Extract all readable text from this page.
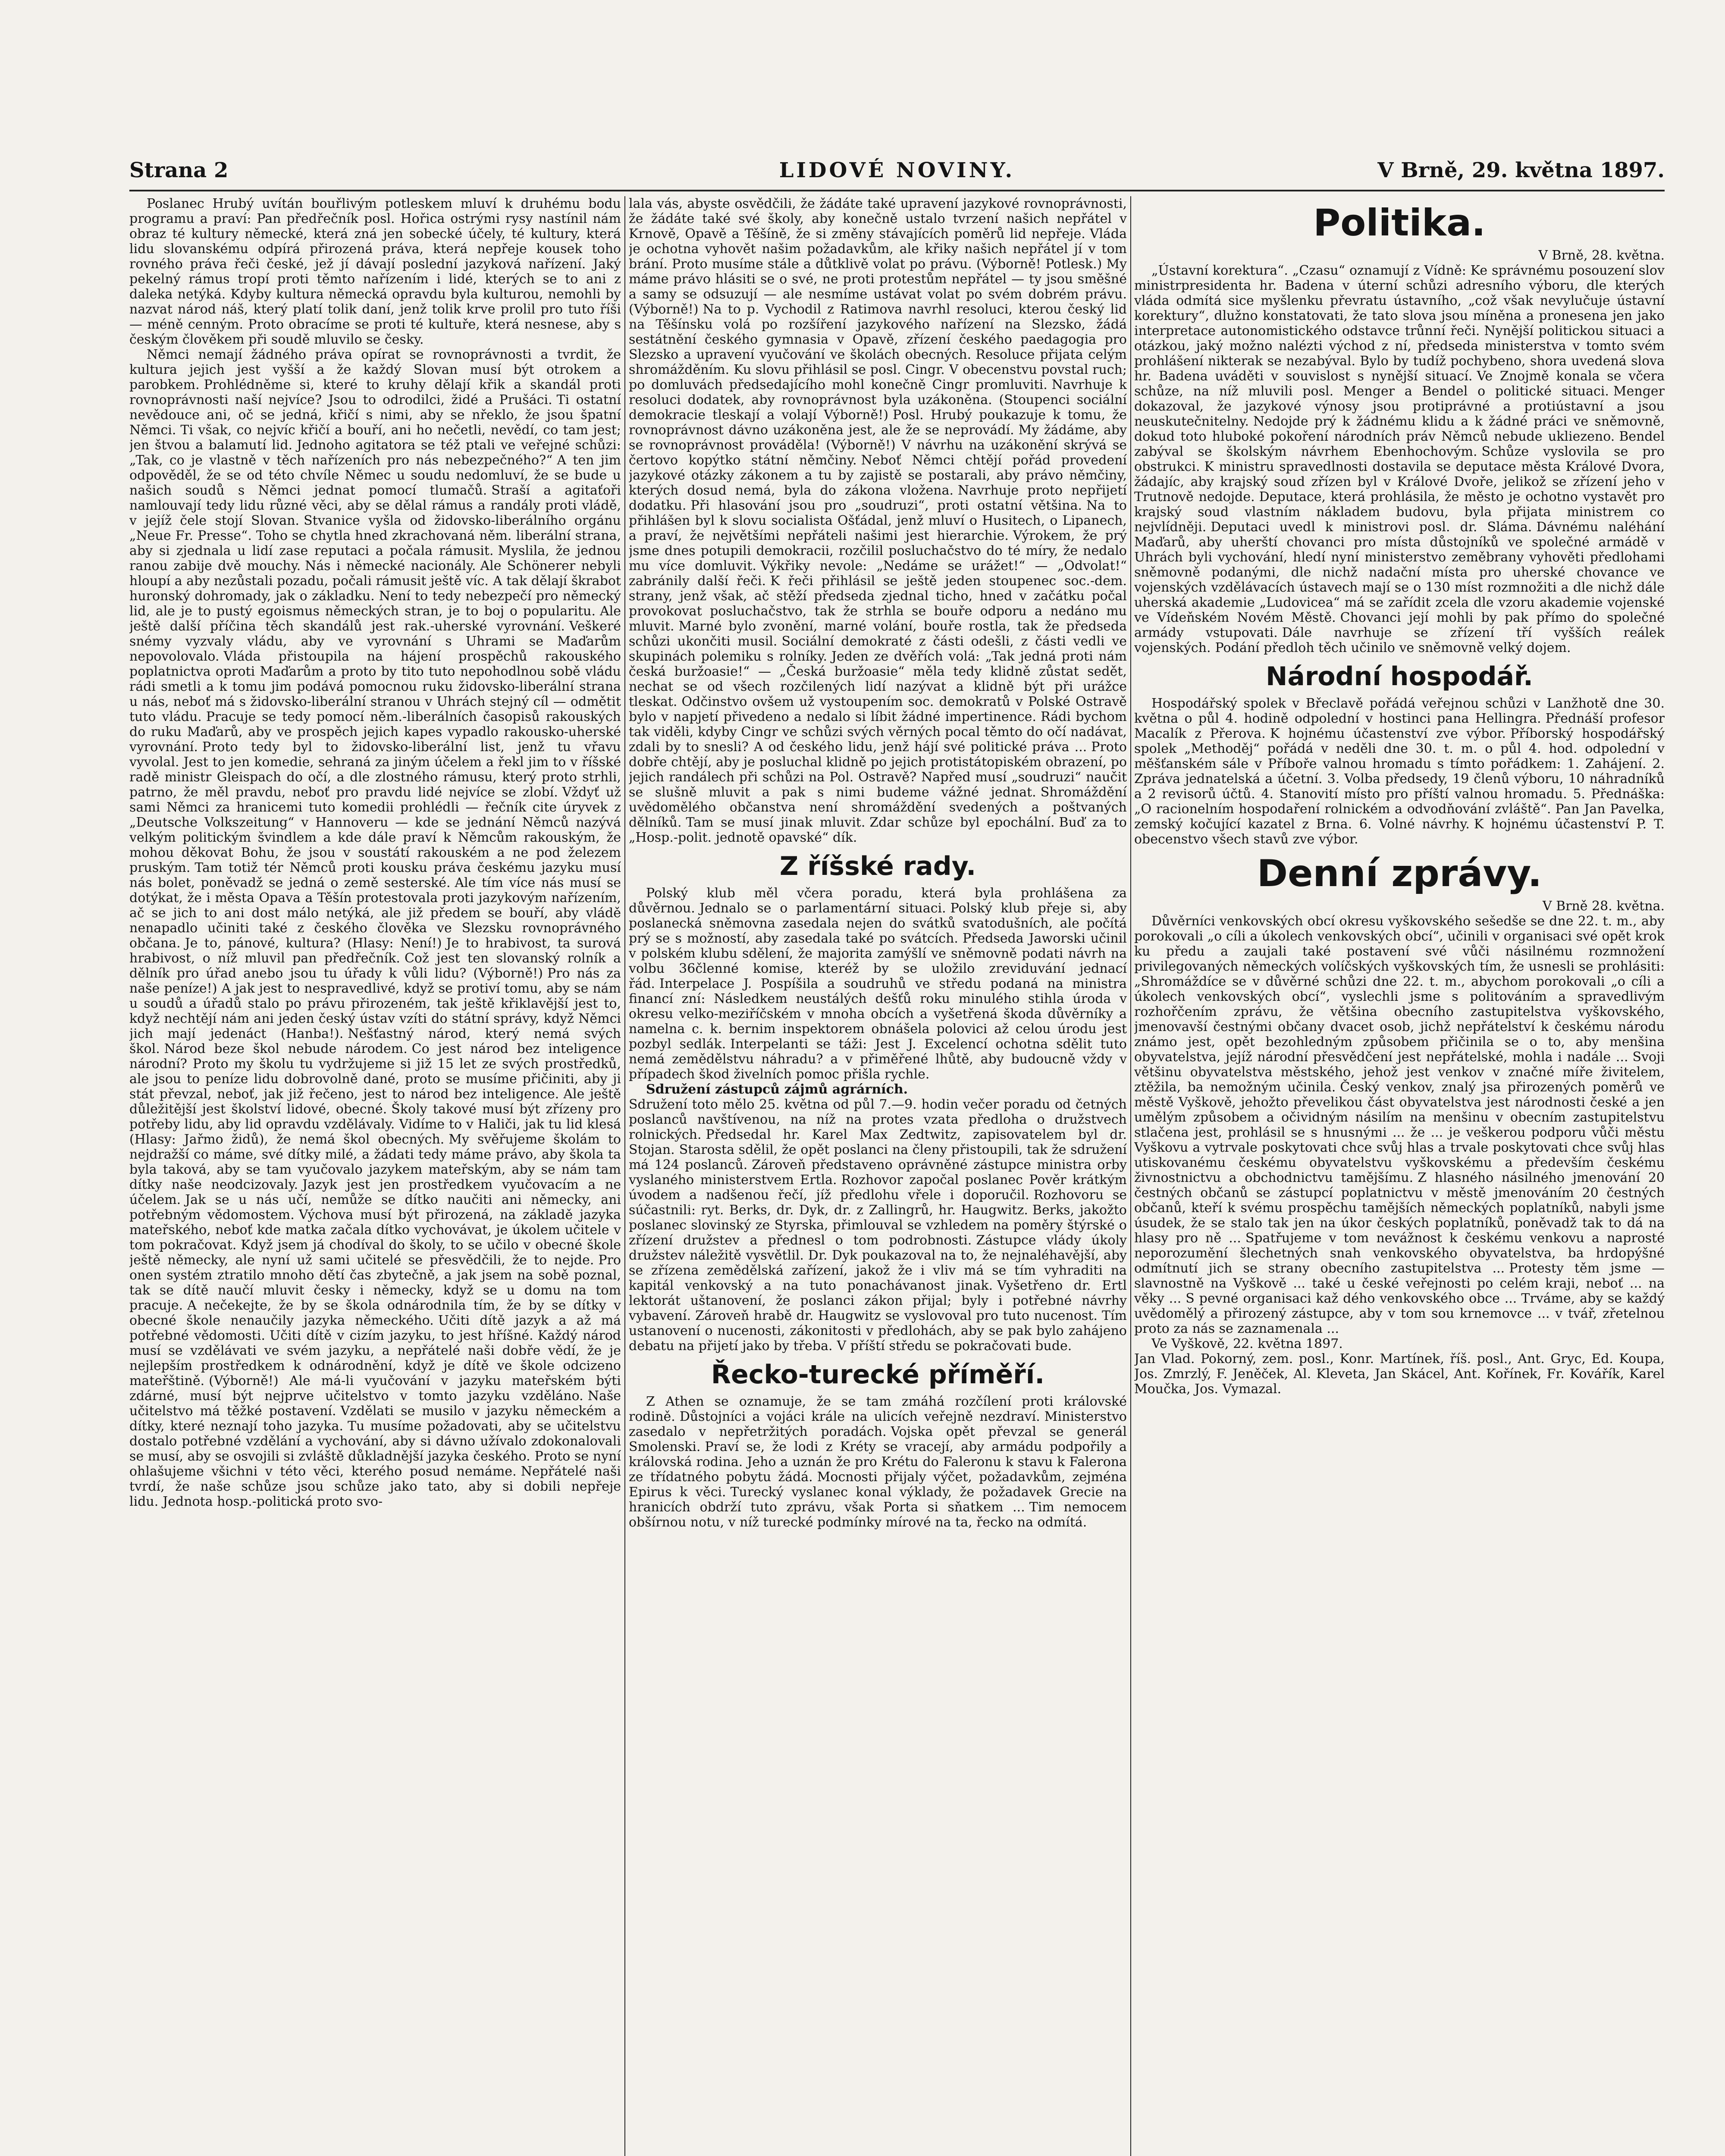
Strana 2	LIDOVÉ NOVINY.	V Brně, 29. května 1897.

Poslanec Hrubý uvítán bouřlivým potleskem mluví k druhému bodu programu a praví: Pan předřečník posl. Hořica ostrými rysy nastínil nám obraz té kultury německé, která zná jen sobecké účely, té kultury, která lidu slovanskému odpírá přirozená práva, která nepřeje kousek toho rovného práva řeči české, jež jí dávají poslední jazyková nařízení. Jaký pekelný rámus tropí proti těmto nařízením i lidé, kterých se to ani z daleka netýká. Kdyby kultura německá opravdu byla kulturou, nemohli by nazvat národ náš, který platí tolik daní, jenž tolik krve prolil pro tuto říši — méně cenným. Proto obracíme se proti té kultuře, která nesnese, aby s českým člověkem při soudě mluvilo se česky.

Němci nemají žádného práva opírat se rovnoprávnosti a tvrdit, že kultura jejich jest vyšší a že každý Slovan musí být otrokem a parobkem. Prohlédněme si, které to kruhy dělají křik a skandál proti rovnoprávnosti naší nejvíce? Jsou to odrodilci, židé a Prušáci. Ti ostatní nevědouce ani, oč se jedná, křičí s nimi, aby se nřeklo, že jsou špatní Němci. Ti však, co nejvíc křičí a bouří, ani ho nečetli, nevědí, co tam jest; jen štvou a balamutí lid. Jednoho agitatora se též ptali ve veřejné schůzi: „Tak, co je vlastně v těch nařízeních pro nás nebezpečného?“ A ten jim odpověděl, že se od této chvíle Němec u soudu nedomluví, že se bude u našich soudů s Němci jednat pomocí tlumačů. Straší a agitaťoři namlouvají tedy lidu různé věci, aby se dělal rámus a randály proti vládě, v jejíž čele stojí Slovan. Stvanice vyšla od židovsko-liberálního orgánu „Neue Fr. Presse“. Toho se chytla hned zkrachovaná něm. liberální strana, aby si zjednala u lidí zase reputaci a počala rámusit. Myslila, že jednou ranou zabije dvě mouchy. Nás i německé nacionály. Ale Schönerer nebyli hloupí a aby nezůstali pozadu, počali rámusit ještě víc. A tak dělají škrabot huronský dohromady, jak o základku. Není to tedy nebezpečí pro německý lid, ale je to pustý egoismus německých stran, je to boj o popularitu. Ale ještě další příčina těch skandálů jest rak.-uherské vyrovnání. Veškeré snémy vyzvaly vládu, aby ve vyrovnání s Uhrami se Maďarům nepovolovalo. Vláda přistoupila na hájení prospěchů rakouského poplatnictva oproti Maďarům a proto by tito tuto nepohodlnou sobě vládu rádi smetli a k tomu jim podává pomocnou ruku židovsko-liberální strana u nás, neboť má s židovsko-liberální stranou v Uhrách stejný cíl — odmětit tuto vládu. Pracuje se tedy pomocí něm.-liberálních časopisů rakouských do ruku Maďarů, aby ve prospěch jejich kapes vypadlo rakousko-uherské vyrovnání. Proto tedy byl to židovsko-liberální list, jenž tu vřavu vyvolal. Jest to jen komedie, sehraná za jiným účelem a řekl jim to v říšské radě ministr Gleispach do očí, a dle zlostného rámusu, který proto strhli, patrno, že měl pravdu, neboť pro pravdu lidé nejvíce se zlobí. Vždyť už sami Němci za hranicemi tuto komedii prohlédli — řečník cite úryvek z „Deutsche Volkszeitung“ v Hannoveru — kde se jednání Němců nazývá velkým politickým švindlem a kde dále praví k Němcům rakouským, že mohou děkovat Bohu, že jsou v soustátí rakouském a ne pod železem pruským. Tam totiž tér Němců proti kousku práva českému jazyku musí nás bolet, poněvadž se jedná o země sesterské. Ale tím více nás musí se dotýkat, že i města Opava a Těšín protestovala proti jazykovým nařízením, ač se jich to ani dost málo netýká, ale již předem se bouří, aby vládě nenapadlo učiniti také z českého člověka ve Slezsku rovnoprávného občana. Je to, pánové, kultura? (Hlasy: Není!) Je to hrabivost, ta surová hrabivost, o níž mluvil pan předřečník. Což jest ten slovanský rolník a dělník pro úřad anebo jsou tu úřady k vůli lidu? (Výborně!) Pro nás za naše peníze!) A jak jest to nespravedlivé, když se protiví tomu, aby se nám u soudů a úřadů stalo po právu přirozeném, tak ještě křiklavější jest to, když nechtějí nám ani jeden český ústav vzíti do státní správy, když Němci jich mají jedenáct (Hanba!). Nešťastný národ, který nemá svých škol. Národ beze škol nebude národem. Co jest národ bez inteligence národní? Proto my školu tu vydržujeme si již 15 let ze svých prostředků, ale jsou to peníze lidu dobrovolně dané, proto se musíme přičiniti, aby ji stát převzal, neboť, jak již řečeno, jest to národ bez inteligence. Ale ještě důležitější jest školství lidové, obecné. Školy takové musí být zřízeny pro potřeby lidu, aby lid opravdu vzdělávaly. Vidíme to v Haliči, jak tu lid klesá (Hlasy: Jařmo židů), že nemá škol obecných. My svěřujeme školám to nejdražší co máme, své dítky milé, a žádati tedy máme právo, aby škola ta byla taková, aby se tam vyučovalo jazykem mateřským, aby se nám tam dítky naše neodcizovaly. Jazyk jest jen prostředkem vyučovacím a ne účelem. Jak se u nás učí, nemůže se dítko naučiti ani německy, ani potřebným vědomostem. Výchova musí být přirozená, na základě jazyka mateřského, neboť kde matka začala dítko vychovávat, je úkolem učitele v tom pokračovat. Když jsem já chodíval do školy, to se učilo v obecné škole ještě německy, ale nyní už sami učitelé se přesvědčili, že to nejde. Pro onen systém ztratilo mnoho dětí čas zbytečně, a jak jsem na sobě poznal, tak se dítě naučí mluvit česky i německy, když se u domu na tom pracuje. A nečekejte, že by se škola odnárodnila tím, že by se dítky v obecné škole nenaučily jazyka německého. Učiti dítě jazyk a až má potřebné vědomosti. Učiti dítě v cizím jazyku, to jest hříšné. Každý národ musí se vzdělávati ve svém jazyku, a nepřátelé naši dobře vědí, že je nejlepším prostředkem k odnárodnění, když je dítě ve škole odcizeno mateřštině. (Výborně!) Ale má-li vyučování v jazyku mateřském býti zdárné, musí být nejprve učitelstvo v tomto jazyku vzděláno. Naše učitelstvo má těžké postavení. Vzdělati se musilo v jazyku německém a dítky, které neznají toho jazyka. Tu musíme požadovati, aby se učitelstvu dostalo potřebné vzdělání a vychování, aby si dávno užívalo zdokonalovali se musí, aby se osvojili si zvláště důkladnější jazyka českého. Proto se nyní ohlašujeme všichni v této věci, kterého posud nemáme. Nepřátelé naši tvrdí, že naše schůze jsou schůze jako tato, aby si dobili nepřeje lidu. Jednota hosp.-politická proto svo-

lala vás, abyste osvědčili, že žádáte také upravení jazykové rovnoprávnosti, že žádáte také své školy, aby konečně ustalo tvrzení našich nepřátel v Krnově, Opavě a Těšíně, že si změny stávajících poměrů lid nepřeje. Vláda je ochotna vyhovět našim požadavkům, ale křiky našich nepřátel jí v tom brání. Proto musíme stále a důtklivě volat po právu. (Výborně! Potlesk.) My máme právo hlásiti se o své, ne proti protestům nepřátel — ty jsou směšné a samy se odsuzují — ale nesmíme ustávat volat po svém dobrém právu. (Výborně!) Na to p. Vychodil z Ratimova navrhl resoluci, kterou český lid na Těšínsku volá po rozšíření jazykového nařízení na Slezsko, žádá sestátnění českého gymnasia v Opavě, zřízení českého paedagogia pro Slezsko a upravení vyučování ve školách obecných. Resoluce přijata celým shromážděním. Ku slovu přihlásil se posl. Cingr. V obecenstvu povstal ruch; po domluvách předsedajícího mohl konečně Cingr promluviti. Navrhuje k resoluci dodatek, aby rovnoprávnost byla uzákoněna. (Stoupenci sociální demokracie tleskají a volají Výborně!) Posl. Hrubý poukazuje k tomu, že rovnoprávnost dávno uzákoněna jest, ale že se neprovádí. My žádáme, aby se rovnoprávnost prováděla! (Výborně!) V návrhu na uzákonění skrývá se čertovo kopýtko státní němčiny. Neboť Němci chtějí pořád provedení jazykové otázky zákonem a tu by zajistě se postarali, aby právo němčiny, kterých dosud nemá, byla do zákona vložena. Navrhuje proto nepřijetí dodatku. Při hlasování jsou pro „soudruzi“, proti ostatní většina. Na to přihlášen byl k slovu socialista Ošťádal, jenž mluví o Husitech, o Lipanech, a praví, že největšími nepřáteli našimi jest hierarchie. Výrokem, že prý jsme dnes potupili demokracii, rozčilil posluchačstvo do té míry, že nedalo mu více domluvit. Výkřiky nevole: „Nedáme se urážet!“ — „Odvolat!“ zabránily další řeči. K řeči přihlásil se ještě jeden stoupenec soc.-dem. strany, jenž však, ač stěží předseda zjednal ticho, hned v začátku počal provokovat posluchačstvo, tak že strhla se bouře odporu a nedáno mu mluvit. Marné bylo zvonění, marné volání, bouře rostla, tak že předseda schůzi ukončiti musil. Sociální demokraté z části odešli, z části vedli ve skupinách polemiku s rolníky. Jeden ze dvěřích volá: „Tak jedná proti nám česká buržoasie!“ — „Česká buržoasie“ měla tedy klidně zůstat sedět, nechat se od všech rozčilených lidí nazývat a klidně být při urážce tleskat. Odčinstvo ovšem už vystoupením soc. demokratů v Polské Ostravě bylo v napjetí přivedeno a nedalo si líbit žádné impertinence. Rádi bychom tak viděli, kdyby Cingr ve schůzi svých věrných pocal těmto do očí nadávat, zdali by to snesli? A od českého lidu, jenž hájí své politické práva ... Proto dobře chtějí, aby je posluchal klidně po jejich protistátopiském obrazení, po jejich randálech při schůzi na Pol. Ostravě? Napřed musí „soudruzi“ naučit se slušně mluvit a pak s nimi budeme vážné jednat. Shromáždění uvědomělého občanstva není shromáždění svedených a poštvaných dělníků. Tam se musí jinak mluvit. Zdar schůze byl epochální. Buď za to „Hosp.-polit. jednotě opavské“ dík.

Z říšské rady.

Polský klub měl včera poradu, která byla prohlášena za důvěrnou. Jednalo se o parlamentární situaci. Polský klub přeje si, aby poslanecká sněmovna zasedala nejen do svátků svatodušních, ale počítá prý se s možností, aby zasedala také po svátcích. Předseda Jaworski učinil v polském klubu sdělení, že majorita zamýšlí ve sněmovně podati návrh na volbu 36členné komise, kteréž by se uložilo zreviduvání jednací řád. Interpelace J. Pospíšila a soudruhů ve středu podaná na ministra financí zní: Následkem neustálých dešťů roku minulého stihla úroda v okresu velko-meziříčském v mnoha obcích a vyšetřená škoda důvěrníky a namelna c. k. bernim inspektorem obnášela polovici až celou úrodu jest pozbyl sedlák. Interpelanti se táži: Jest J. Excelencí ochotna sdělit tuto nemá zemědělstvu náhradu? a v přiměřené lhůtě, aby budoucně vždy v případech škod živelních pomoc přišla rychle.

Sdružení zástupců zájmů agrárních.

Sdružení toto mělo 25. května od půl 7.—9. hodin večer poradu od četných poslanců navštívenou, na níž na protes vzata předloha o družstvech rolnických. Předsedal hr. Karel Max Zedtwitz, zapisovatelem byl dr. Stojan. Starosta sdělil, že opět poslanci na členy přistoupili, tak že sdružení má 124 poslanců. Zároveň představeno oprávněné zástupce ministra orby vyslaného ministerstvem Ertla. Rozhovor započal poslanec Pověr krátkým úvodem a nadšenou řečí, jíž předlohu vřele i doporučil. Rozhovoru se súčastnili: ryt. Berks, dr. Dyk, dr. z Zallingrů, hr. Haugwitz. Berks, jakožto poslanec slovinský ze Styrska, přimlouval se vzhledem na poměry štýrské o zřízení družstev a přednesl o tom podrobnosti. Zástupce vlády úkoly družstev náležitě vysvětlil. Dr. Dyk poukazoval na to, že nejnaléhavější, aby se zřízena zemědělská zařízení, jakož že i vliv má se tím vyhraditi na kapitál venkovský a na tuto ponachávanost jinak. Vyšetřeno dr. Ertl lektorát uštanovení, že poslanci zákon přijal; byly i potřebné návrhy vybavení. Zároveň hrabě dr. Haugwitz se vyslovoval pro tuto nucenost. Tím ustanovení o nucenosti, zákonitosti v předlohách, aby se pak bylo zahájeno debatu na přijetí jako by třeba. V příští středu se pokračovati bude.

Řecko-turecké příměří.

Z Athen se oznamuje, že se tam zmáhá rozčílení proti královské rodině. Důstojníci a vojáci krále na ulicích veřejně nezdraví. Ministerstvo zasedalo v nepřetržitých poradách. Vojska opět převzal se generál Smolenski. Praví se, že lodi z Kréty se vracejí, aby armádu podpořily a královská rodina. Jeho a uznán že pro Krétu do Faleronu k stavu k Falerona ze třídatného pobytu žádá. Mocnosti přijaly výčet, požadavkům, zejména Epirus k věci. Turecký vyslanec konal výklady, že požadavek Grecie na hranicích obdrží tuto zprávu, však Porta si sňatkem ... Tim nemocem obšírnou notu, v níž turecké podmínky mírové na ta, řecko na odmítá.

Politika.

V Brně, 28. května.

„Ústavní korektura“. „Czasu“ oznamují z Vídně: Ke správnému posouzení slov ministrpresidenta hr. Badena v úterní schůzi adresního výboru, dle kterých vláda odmítá sice myšlenku převratu ústavního, „což však nevylučuje ústavní korektury“, dlužno konstatovati, že tato slova jsou míněna a pronesena jen jako interpretace autonomistického odstavce trůnní řeči. Nynější politickou situaci a otázkou, jaký možno nalézti východ z ní, předseda ministerstva v tomto svém prohlášení nikterak se nezabýval. Bylo by tudíž pochybeno, shora uvedená slova hr. Badena uváděti v souvislost s nynější situací. Ve Znojmě konala se včera schůze, na níž mluvili posl. Menger a Bendel o politické situaci. Menger dokazoval, že jazykové výnosy jsou protiprávné a protiústavní a jsou neuskutečnitelny. Nedojde prý k žádnému klidu a k žádné práci ve sněmovně, dokud toto hluboké pokoření národních práv Němců nebude ukliezeno. Bendel zabýval se školským návrhem Ebenhochovým. Schůze vyslovila se pro obstrukci. K ministru spravedlnosti dostavila se deputace města Králové Dvora, žádajíc, aby krajský soud zřízen byl v Králové Dvoře, jelikož se zřízení jeho v Trutnově nedojde. Deputace, která prohlásila, že město je ochotno vystavět pro krajský soud vlastním nákladem budovu, byla přijata ministrem co nejvlídněji. Deputaci uvedl k ministrovi posl. dr. Sláma. Dávnému naléhání Maďarů, aby uherští chovanci pro místa důstojníků ve společné armádě v Uhrách byli vychování, hledí nyní ministerstvo zeměbrany vyhověti předlohami sněmovně podanými, dle nichž nadační místa pro uherské chovance ve vojenských vzdělávacích ústavech mají se o 130 míst rozmnožiti a dle nichž dále uherská akademie „Ludovicea“ má se zařídit zcela dle vzoru akademie vojenské ve Vídeňském Novém Městě. Chovanci její mohli by pak přímo do společné armády vstupovati. Dále navrhuje se zřízení tří vyšších reálek vojenských. Podání předloh těch učinilo ve sněmovně velký dojem.

Národní hospodář.

Hospodářský spolek v Břeclavě pořádá veřejnou schůzi v Lanžhotě dne 30. května o půl 4. hodině odpolední v hostinci pana Hellingra. Přednáší profesor Macalík z Přerova. K hojnému účastenství zve výbor. Příborský hospodářský spolek „Methoděj“ pořádá v neděli dne 30. t. m. o půl 4. hod. odpolední v měšťanském sále v Příboře valnou hromadu s tímto pořádkem: 1. Zahájení. 2. Zpráva jednatelská a účetní. 3. Volba předsedy, 19 členů výboru, 10 náhradníků a 2 revisorů účtů. 4. Stanovití místo pro příští valnou hromadu. 5. Přednáška: „O racionelním hospodaření rolnickém a odvodňování zvláště“. Pan Jan Pavelka, zemský kočující kazatel z Brna. 6. Volné návrhy. K hojnému účastenství P. T. obecenstvo všech stavů zve výbor.

Denní zprávy.

V Brně 28. května.

Důvěrníci venkovských obcí okresu vyškovského sešedše se dne 22. t. m., aby porokovali „o cíli a úkolech venkovských obcí“, učinili v organisaci své opět krok ku předu a zaujali také postavení své vůči násilnému rozmnožení privilegovaných německých volíčských vyškovských tím, že usnesli se prohlásiti: „Shromáždíce se v důvěrné schůzi dne 22. t. m., abychom porokovali „o cíli a úkolech venkovských obcí“, vyslechli jsme s politováním a spravedlivým rozhořčením zprávu, že většina obecního zastupitelstva vyškovského, jmenovavší čestnými občany dvacet osob, jichž nepřátelství k českému národu známo jest, opět bezohledným způsobem přičinila se o to, aby menšina obyvatelstva, jejíž národní přesvědčení jest nepřátelské, mohla i nadále ... Svoji většinu obyvatelstva městského, jehož jest venkov v značné míře živitelem, ztěžila, ba nemožným učinila. Český venkov, znalý jsa přirozených poměrů ve městě Vyškově, jehožto převelikou část obyvatelstva jest národnosti české a jen umělým způsobem a očividným násilím na menšinu v obecním zastupitelstvu stlačena jest, prohlásil se s hnusnými ... že ... je veškerou podporu vůči městu Vyškovu a vytrvale poskytovati chce svůj hlas a trvale poskytovati chce svůj hlas utiskovanému českému obyvatelstvu vyškovskému a především českému živnostnictvu a obchodnictvu tamějšímu. Z hlasného násilného jmenování 20 čestných občanů se zástupcí poplatnictvu v městě jmenováním 20 čestných občanů, kteří k svému prospěchu tamějších německých poplatníků, nabyli jsme úsudek, že se stalo tak jen na úkor českých poplatníků, poněvadž tak to dá na hlasy pro ně ... Spatřujeme v tom nevážnost k českému venkovu a naprosté neporozumění šlechetných snah venkovského obyvatelstva, ba hrdopýšné odmítnutí jich se strany obecního zastupitelstva ... Protesty těm jsme — slavnostně na Vyškově ... také u české veřejnosti po celém kraji, neboť ... na věky ... S pevné organisaci kaž dého venkovského obce ... Trváme, aby se každý uvědomělý a přirozený zástupce, aby v tom sou krnemovce ... v tvář, zřetelnou proto za nás se zaznamenala ...

Ve Vyškově, 22. května 1897.

Jan Vlad. Pokorný, zem. posl., Konr. Martínek, říš. posl., Ant. Gryc, Ed. Koupa, Jos. Zmrzlý, F. Jeněček, Al. Kleveta, Jan Skácel, Ant. Kořínek, Fr. Kovářík, Karel Moučka, Jos. Vymazal.
